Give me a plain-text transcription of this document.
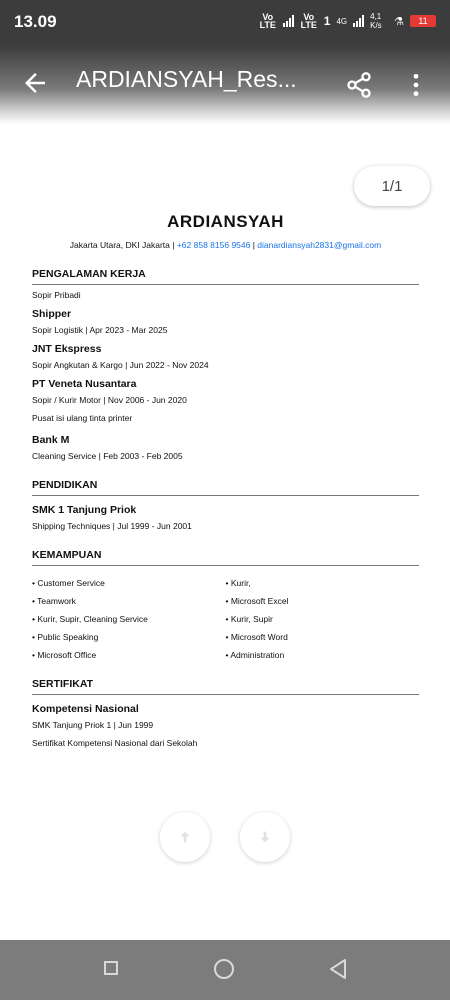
13.09	Vo LTE
Vo LTE 1 4G	4,1 K/s	⚗	11
ARDIANSYAH_Res...
1/1
ARDIANSYAH
Jakarta Utara, DKI Jakarta | +62 858 8156 9546 | dianardiansyah2831@gmail.com
PENGALAMAN KERJA
Sopir Pribadi
Shipper
Sopir Logistik | Apr 2023 - Mar 2025
JNT Ekspress
Sopir Angkutan & Kargo | Jun 2022 - Nov 2024
PT Veneta Nusantara
Sopir / Kurir Motor | Nov 2006 - Jun 2020
Pusat isi ulang tinta printer
Bank M
Cleaning Service | Feb 2003 - Feb 2005
PENDIDIKAN
SMK 1 Tanjung Priok
Shipping Techniques | Jul 1999 - Jun 2001
KEMAMPUAN
• Customer Service
• Teamwork
• Kurir, Supir, Cleaning Service
• Public Speaking
• Microsoft Office
• Kurir,
• Microsoft Excel
• Kurir, Supir
• Microsoft Word
• Administration
SERTIFIKAT
Kompetensi Nasional
SMK Tanjung Priok 1 | Jun 1999
Sertifikat Kompetensi Nasional dari Sekolah
